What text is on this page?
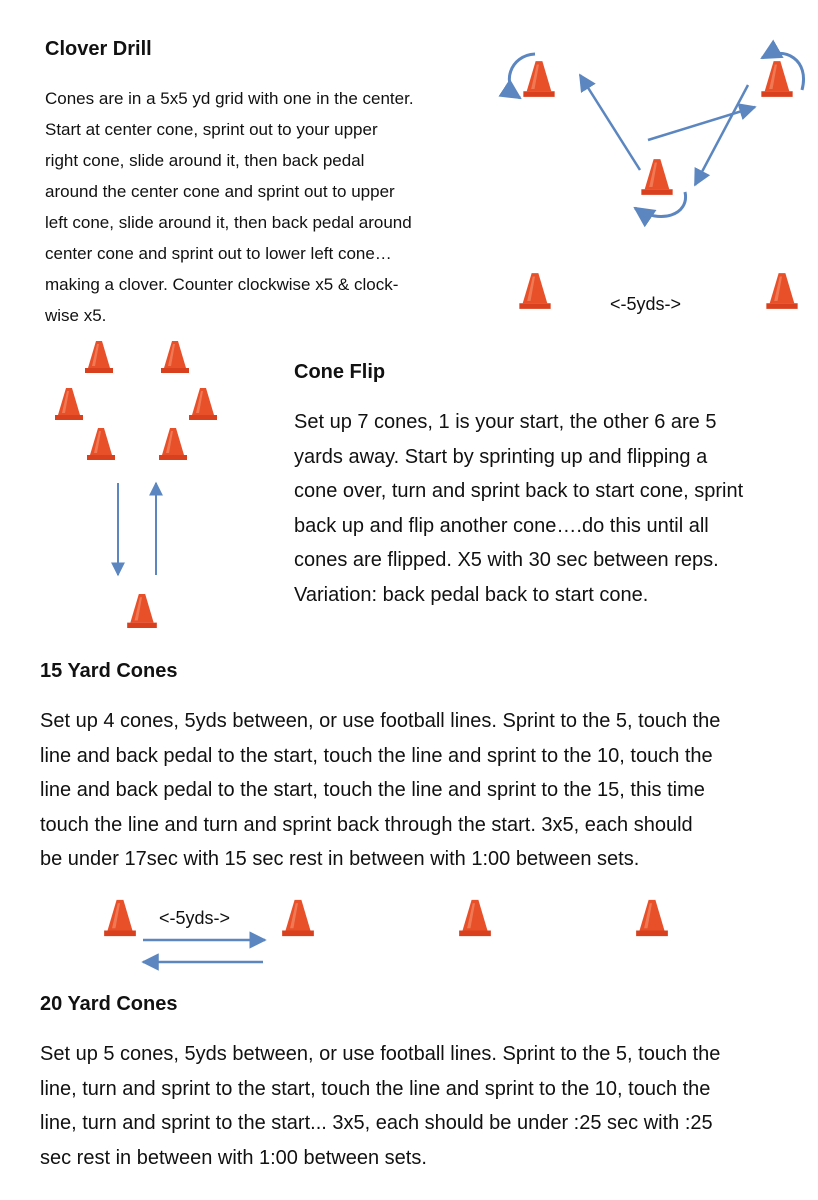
Clover Drill
Cones are in a 5x5 yd grid with one in the center.
Start at center cone, sprint out to your upper
right cone, slide around it, then back pedal
around the center cone and sprint out to upper
left cone, slide around it, then back pedal around
center cone and sprint out to lower left cone…
making a clover. Counter clockwise x5 & clock-
wise x5.
<-5yds->
Cone Flip
Set up 7 cones, 1 is your start, the other 6 are 5
yards away. Start by sprinting up and flipping a
cone over, turn and sprint back to start cone, sprint
back up and flip another cone….do this until all
cones are flipped. X5 with 30 sec between reps.
Variation: back pedal back to start cone.
15 Yard Cones
Set up 4 cones, 5yds between, or use football lines. Sprint to the 5, touch the
line and back pedal to the start, touch the line and sprint to the 10, touch the
line and back pedal to the start, touch the line and sprint to the 15, this time
touch the line and turn and sprint back through the start. 3x5, each should
be under 17sec with 15 sec rest in between with 1:00 between sets.
<-5yds->
20 Yard Cones
Set up 5 cones, 5yds between, or use football lines. Sprint to the 5, touch the
line, turn and sprint to the start, touch the line and sprint to the 10, touch the
line, turn and sprint to the start... 3x5, each should be under :25 sec with :25
sec rest in between with 1:00 between sets.
